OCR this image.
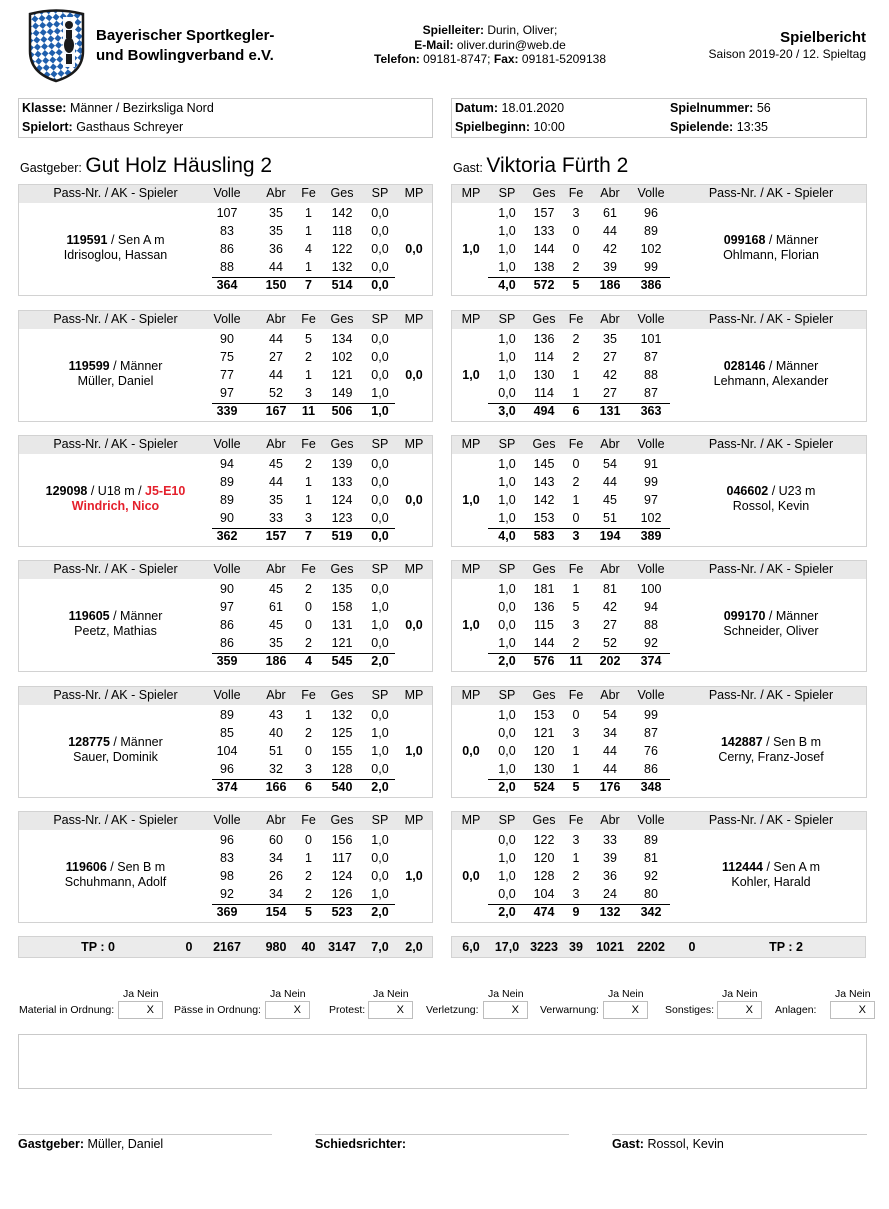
Bayerischer Sportkegler-
und Bowlingverband e.V.
Spielleiter: Durin, Oliver;
E-Mail: oliver.durin@web.de
Telefon: 09181-8747; Fax: 09181-5209138
Spielbericht
Saison 2019-20 / 12. Spieltag
Klasse: Männer / Bezirksliga Nord
Spielort: Gasthaus Schreyer
Datum: 18.01.2020
Spielbeginn: 10:00
Spielnummer: 56
Spielende: 13:35
Gastgeber: Gut Holz Häusling 2	Gast: Viktoria Fürth 2
Pass-Nr. / AK - Spieler	Volle	Abr	Fe	Ges	SP	MP
107	35	1	142	0,0
83	35	1	118	0,0
86	36	4	122	0,0
88	44	1	132	0,0
364	150	7	514	0,0
0,0
119591 / Sen A m
Idrisoglou, Hassan
MP	SP	Ges	Fe	Abr	Volle	Pass-Nr. / AK - Spieler
1,0	157	3	61	96
1,0	133	0	44	89
1,0	144	0	42	102
1,0	138	2	39	99
4,0	572	5	186	386
1,0
099168 / Männer
Ohlmann, Florian
Pass-Nr. / AK - Spieler	Volle	Abr	Fe	Ges	SP	MP
90	44	5	134	0,0
75	27	2	102	0,0
77	44	1	121	0,0
97	52	3	149	1,0
339	167	11	506	1,0
0,0
119599 / Männer
Müller, Daniel
MP	SP	Ges	Fe	Abr	Volle	Pass-Nr. / AK - Spieler
1,0	136	2	35	101
1,0	114	2	27	87
1,0	130	1	42	88
0,0	114	1	27	87
3,0	494	6	131	363
1,0
028146 / Männer
Lehmann, Alexander
Pass-Nr. / AK - Spieler	Volle	Abr	Fe	Ges	SP	MP
94	45	2	139	0,0
89	44	1	133	0,0
89	35	1	124	0,0
90	33	3	123	0,0
362	157	7	519	0,0
0,0
129098 / U18 m / J5-E10
Windrich, Nico
MP	SP	Ges	Fe	Abr	Volle	Pass-Nr. / AK - Spieler
1,0	145	0	54	91
1,0	143	2	44	99
1,0	142	1	45	97
1,0	153	0	51	102
4,0	583	3	194	389
1,0
046602 / U23 m
Rossol, Kevin
Pass-Nr. / AK - Spieler	Volle	Abr	Fe	Ges	SP	MP
90	45	2	135	0,0
97	61	0	158	1,0
86	45	0	131	1,0
86	35	2	121	0,0
359	186	4	545	2,0
0,0
119605 / Männer
Peetz, Mathias
MP	SP	Ges	Fe	Abr	Volle	Pass-Nr. / AK - Spieler
1,0	181	1	81	100
0,0	136	5	42	94
0,0	115	3	27	88
1,0	144	2	52	92
2,0	576	11	202	374
1,0
099170 / Männer
Schneider, Oliver
Pass-Nr. / AK - Spieler	Volle	Abr	Fe	Ges	SP	MP
89	43	1	132	0,0
85	40	2	125	1,0
104	51	0	155	1,0
96	32	3	128	0,0
374	166	6	540	2,0
1,0
128775 / Männer
Sauer, Dominik
MP	SP	Ges	Fe	Abr	Volle	Pass-Nr. / AK - Spieler
1,0	153	0	54	99
0,0	121	3	34	87
0,0	120	1	44	76
1,0	130	1	44	86
2,0	524	5	176	348
0,0
142887 / Sen B m
Cerny, Franz-Josef
Pass-Nr. / AK - Spieler	Volle	Abr	Fe	Ges	SP	MP
96	60	0	156	1,0
83	34	1	117	0,0
98	26	2	124	0,0
92	34	2	126	1,0
369	154	5	523	2,0
1,0
119606 / Sen B m
Schuhmann, Adolf
MP	SP	Ges	Fe	Abr	Volle	Pass-Nr. / AK - Spieler
0,0	122	3	33	89
1,0	120	1	39	81
1,0	128	2	36	92
0,0	104	3	24	80
2,0	474	9	132	342
0,0
112444 / Sen A m
Kohler, Harald
TP : 0	0	2167	980	40	3147	7,0	2,0	6,0	17,0 3223 39	1021	2202	0	TP : 2
Ja Nein
Material in Ordnung:	X
Ja Nein
Pässe in Ordnung:	X
Ja Nein
Protest:	X
Ja Nein
Verletzung:	X
Ja Nein
Verwarnung:	X
Ja Nein
Sonstiges:	X
Ja Nein
Anlagen:	X
Gastgeber: Müller, Daniel	Schiedsrichter:	Gast: Rossol, Kevin
